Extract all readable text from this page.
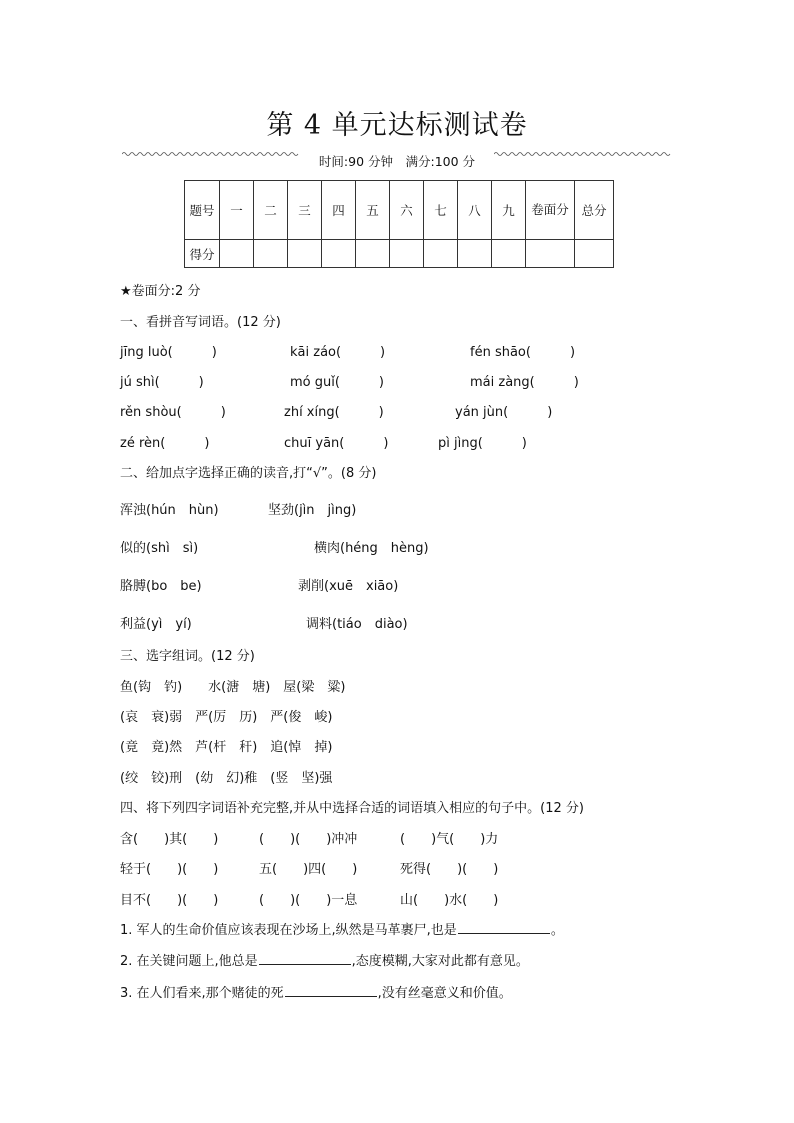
第 4 单元达标测试卷
时间:90 分钟　满分:100 分
题号	一	二	三	四	五	六	七	八	九	卷面分	总分
得分											
★卷面分:2 分
一、看拼音写词语。(12 分)
jīng luò(　　　)	kāi záo(　　　)	fén shāo(　　　)
jú shì(　　　)	mó guǐ(　　　)	mái zàng(　　　)
rěn shòu(　　　)	zhí xíng(　　　)	yán jùn(　　　)
zé rèn(　　　)	chuī yān(　　　)	pì jìng(　　　)
二、给加点字选择正确的读音,打“√”。(8 分)
浑浊(hún　hùn)	坚劲(jìn　jìng)
似的(shì　sì)	横肉(héng　hèng)
胳膊(bo　be)	剥削(xuē　xiāo)
利益(yì　yí)	调料(tiáo　diào)
三、选字组词。(12 分)
鱼(钩　钓)　　水(溏　塘)　屋(梁　粱)
(哀　衰)弱　严(厉　历)　严(俊　峻)
(竟　竟)然　芦(杆　秆)　追(悼　掉)
(绞　铰)刑　(幼　幻)稚　(竖　坚)强
四、将下列四字词语补充完整,并从中选择合适的词语填入相应的句子中。(12 分)
含(　　)其(　　)	(　　)(　　)冲冲	(　　)气(　　)力
轻于(　　)(　　)	五(　　)四(　　)	死得(　　)(　　)
目不(　　)(　　)	(　　)(　　)一息	山(　　)水(　　)
1. 军人的生命价值应该表现在沙场上,纵然是马革裹尸,也是	。
2. 在关键问题上,他总是	,态度模糊,大家对此都有意见。
3. 在人们看来,那个赌徒的死	,没有丝毫意义和价值。
